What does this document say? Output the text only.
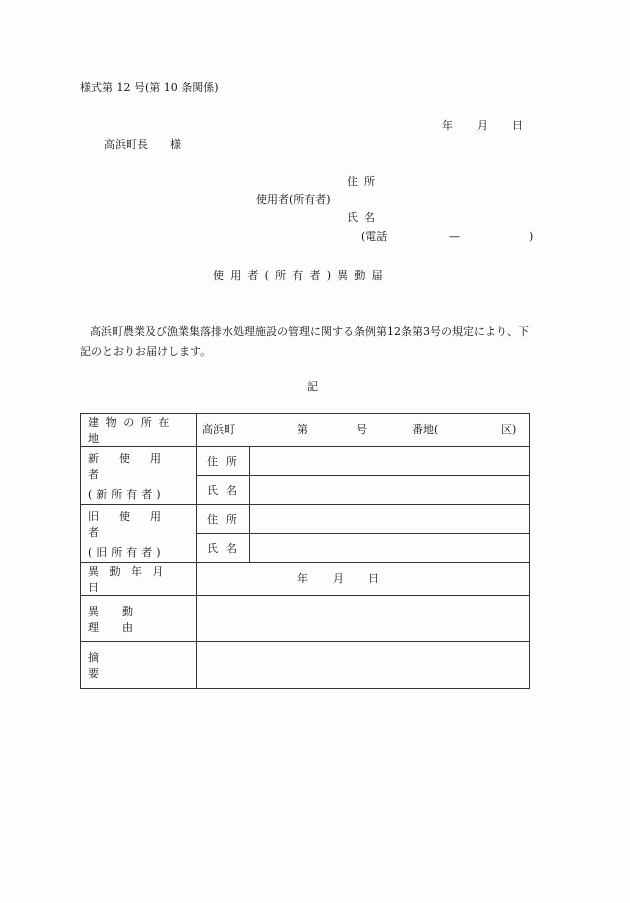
様式第 12 号(第 10 条関係)
年 月 日
高浜町長 様
住所
使用者(所有者)
氏名
(電話	—	)
使用者(所有者)異動届
高浜町農業及び漁業集落排水処理施設の管理に関する条例第12条第3号の規定により、下記のとおりお届けします。
記
建物の所在地	高浜町 第 号 番地( 区)	

新使用者
(新所有者)	住所	
	氏名	

旧使用者
(旧所有者)	住所	
	氏名	

異動年月日	年 月 日	

異動理由		

摘要		
